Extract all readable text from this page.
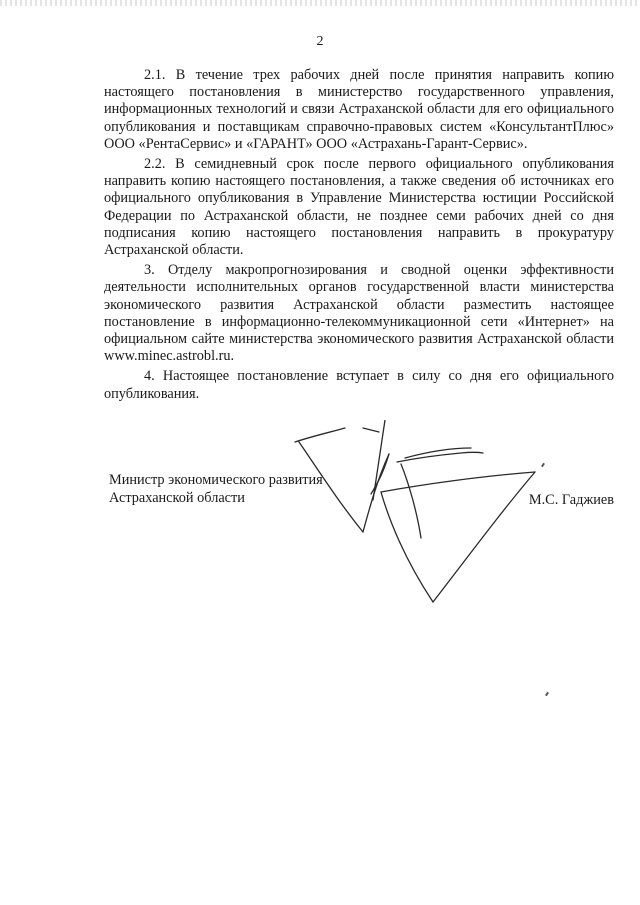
2

2.1. В течение трех рабочих дней после принятия направить копию настоящего постановления в министерство государственного управления, информационных технологий и связи Астраханской области для его официального опубликования и поставщикам справочно-правовых систем «КонсультантПлюс» ООО «РентаСервис» и «ГАРАНТ» ООО «Астрахань-Гарант-Сервис».

2.2. В семидневный срок после первого официального опубликования направить копию настоящего постановления, а также сведения об источниках его официального опубликования в Управление Министерства юстиции Российской Федерации по Астраханской области, не позднее семи рабочих дней со дня подписания копию настоящего постановления направить в прокуратуру Астраханской области.

3. Отделу макропрогнозирования и сводной оценки эффективности деятельности исполнительных органов государственной власти министерства экономического развития Астраханской области разместить настоящее постановление в информационно-телекоммуникационной сети «Интернет» на официальном сайте министерства экономического развития Астраханской области www.minec.astrobl.ru.

4. Настоящее постановление вступает в силу со дня его официального опубликования.

Министр экономического развития
Астраханской области	М.С. Гаджиев
